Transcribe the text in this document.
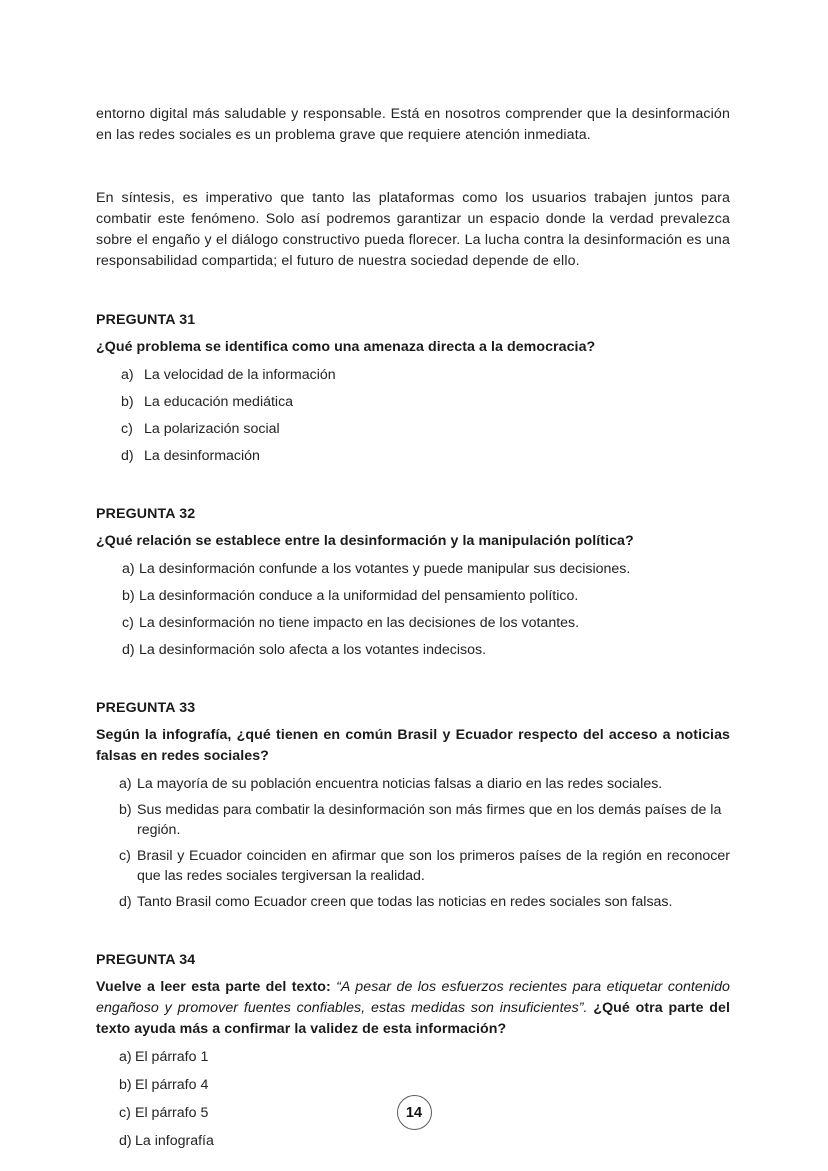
entorno digital más saludable y responsable. Está en nosotros comprender que la desinformación en las redes sociales es un problema grave que requiere atención inmediata.

En síntesis, es imperativo que tanto las plataformas como los usuarios trabajen juntos para combatir este fenómeno. Solo así podremos garantizar un espacio donde la verdad prevalezca sobre el engaño y el diálogo constructivo pueda florecer. La lucha contra la desinformación es una responsabilidad compartida; el futuro de nuestra sociedad depende de ello.

PREGUNTA 31
¿Qué problema se identifica como una amenaza directa a la democracia?
a) La velocidad de la información
b) La educación mediática
c) La polarización social
d) La desinformación
PREGUNTA 32
¿Qué relación se establece entre la desinformación y la manipulación política?
a) La desinformación confunde a los votantes y puede manipular sus decisiones.
b) La desinformación conduce a la uniformidad del pensamiento político.
c) La desinformación no tiene impacto en las decisiones de los votantes.
d) La desinformación solo afecta a los votantes indecisos.
PREGUNTA 33
Según la infografía, ¿qué tienen en común Brasil y Ecuador respecto del acceso a noticias falsas en redes sociales?
a) La mayoría de su población encuentra noticias falsas a diario en las redes sociales.
b) Sus medidas para combatir la desinformación son más firmes que en los demás países de la región.
c) Brasil y Ecuador coinciden en afirmar que son los primeros países de la región en reconocer que las redes sociales tergiversan la realidad.
d) Tanto Brasil como Ecuador creen que todas las noticias en redes sociales son falsas.
PREGUNTA 34
Vuelve a leer esta parte del texto: “A pesar de los esfuerzos recientes para etiquetar contenido engañoso y promover fuentes confiables, estas medidas son insuficientes”. ¿Qué otra parte del texto ayuda más a confirmar la validez de esta información?
a) El párrafo 1
b) El párrafo 4
c) El párrafo 5
d) La infografía
14
